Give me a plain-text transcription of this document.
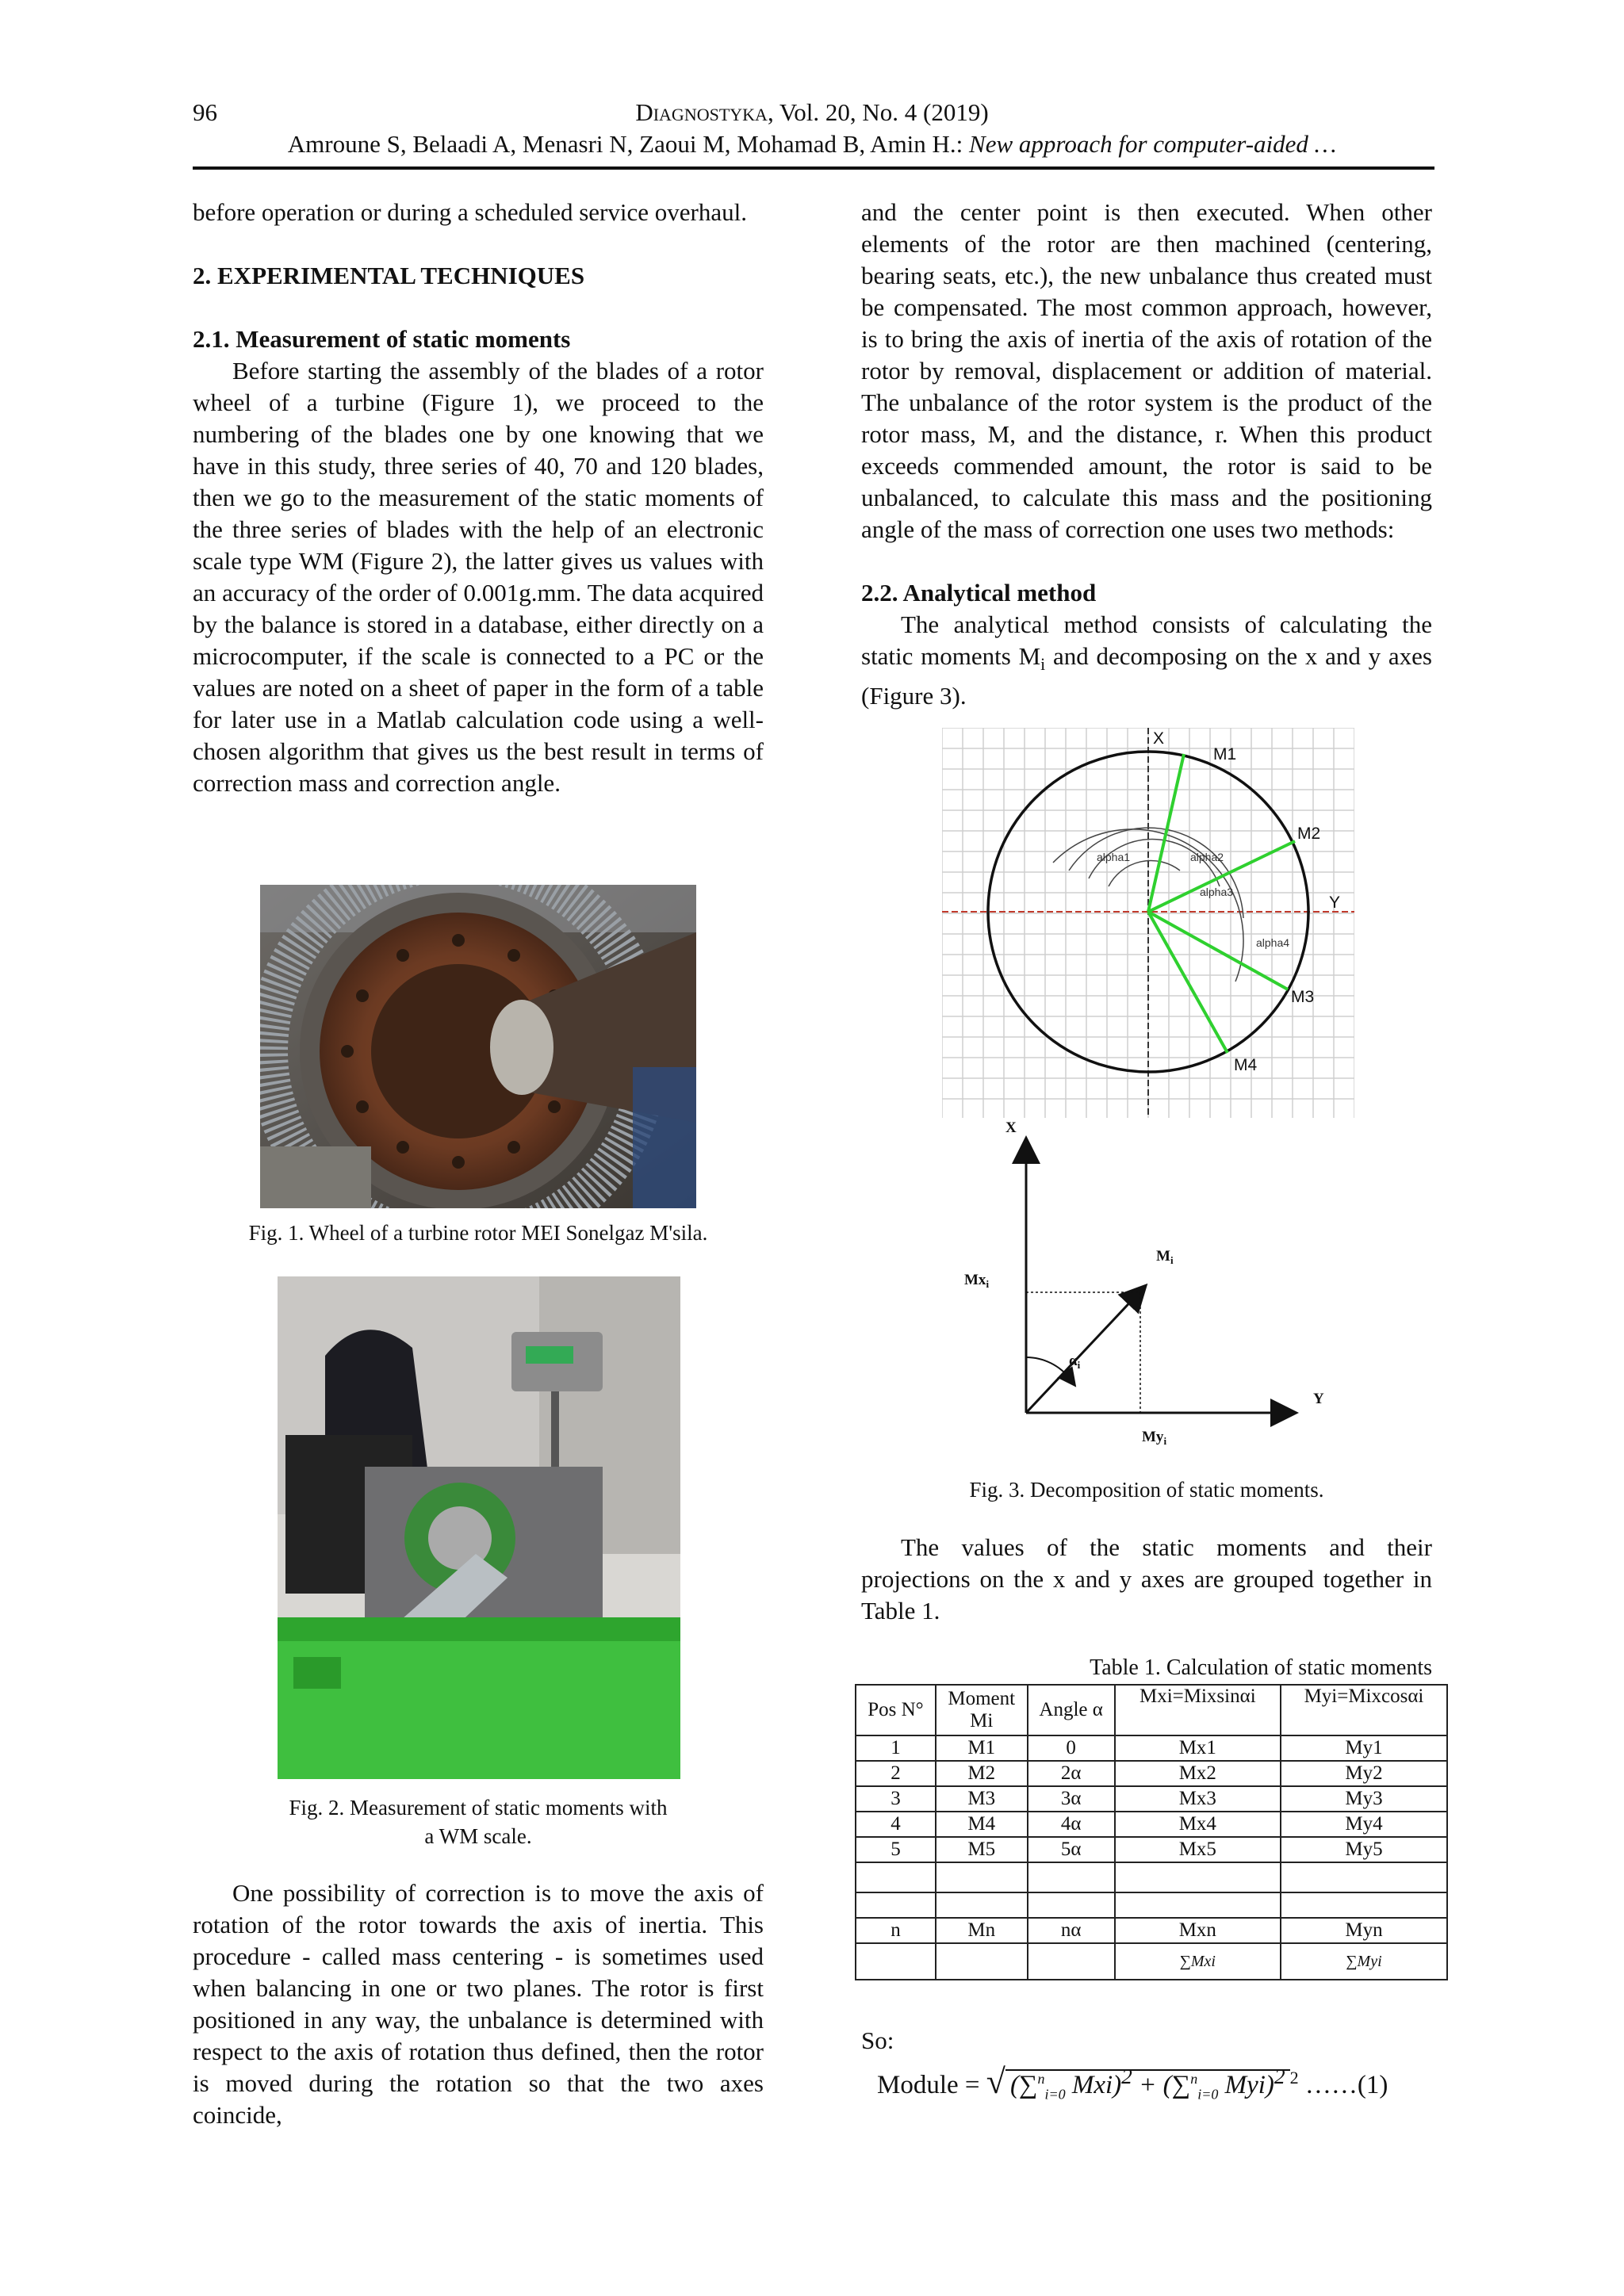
96	Diagnostyka, Vol. 20, No. 4 (2019)
Amroune S, Belaadi A, Menasri N, Zaoui M, Mohamad B, Amin H.: New approach for computer-aided …

before operation or during a scheduled service overhaul.

2. EXPERIMENTAL TECHNIQUES

2.1. Measurement of static moments

Before starting the assembly of the blades of a rotor wheel of a turbine (Figure 1), we proceed to the numbering of the blades one by one knowing that we have in this study, three series of 40, 70 and 120 blades, then we go to the measurement of the static moments of the three series of blades with the help of an electronic scale type WM (Figure 2), the latter gives us values with an accuracy of the order of 0.001g.mm. The data acquired by the balance is stored in a database, either directly on a microcomputer, if the scale is connected to a PC or the values are noted on a sheet of paper in the form of a table for later use in a Matlab calculation code using a well-chosen algorithm that gives us the best result in terms of correction mass and correction angle.

Fig. 1. Wheel of a turbine rotor MEI Sonelgaz M'sila.
Fig. 2. Measurement of static moments with
a WM scale.

One possibility of correction is to move the axis of rotation of the rotor towards the axis of inertia. This procedure - called mass centering - is sometimes used when balancing in one or two planes. The rotor is first positioned in any way, the unbalance is determined with respect to the axis of rotation thus defined, then the rotor is moved during the rotation so that the two axes coincide,

and the center point is then executed. When other elements of the rotor are then machined (centering, bearing seats, etc.), the new unbalance thus created must be compensated. The most common approach, however, is to bring the axis of inertia of the axis of rotation of the rotor by removal, displacement or addition of material. The unbalance of the rotor system is the product of the rotor mass, M, and the distance, r. When this product exceeds commended amount, the rotor is said to be unbalanced, to calculate this mass and the positioning angle of the mass of correction one uses two methods:

2.2. Analytical method

The analytical method consists of calculating the static moments $M_i$ and decomposing on the x and y axes (Figure 3).

X
Y
M1
M2
M3
M4
alpha1	alpha2
alpha3
alpha4
X
Y
$M_i$
$Mx_i$
$My_i$
$\alpha_i$
Fig. 3. Decomposition of static moments.

The values of the static moments and their projections on the x and y axes are grouped together in Table 1.

Table 1. Calculation of static moments
Pos N°	Moment Mi	Angle α	Mxi=Mixsinαi	Myi=Mixcosαi
1	M1	0	Mx1	My1
2	M2	2α	Mx2	My2
3	M3	3α	Mx3	My3
4	M4	4α	Mx4	My4
5	M5	5α	Mx5	My5

n	Mn	nα	Mxn	Myn
			∑Mxi	∑Myi
So:
Module = √ (∑$^n_{i=0}$ Mxi)$^2$ + (∑$^n_{i=0}$ Myi)$^2$ $^2$ ……(1)
